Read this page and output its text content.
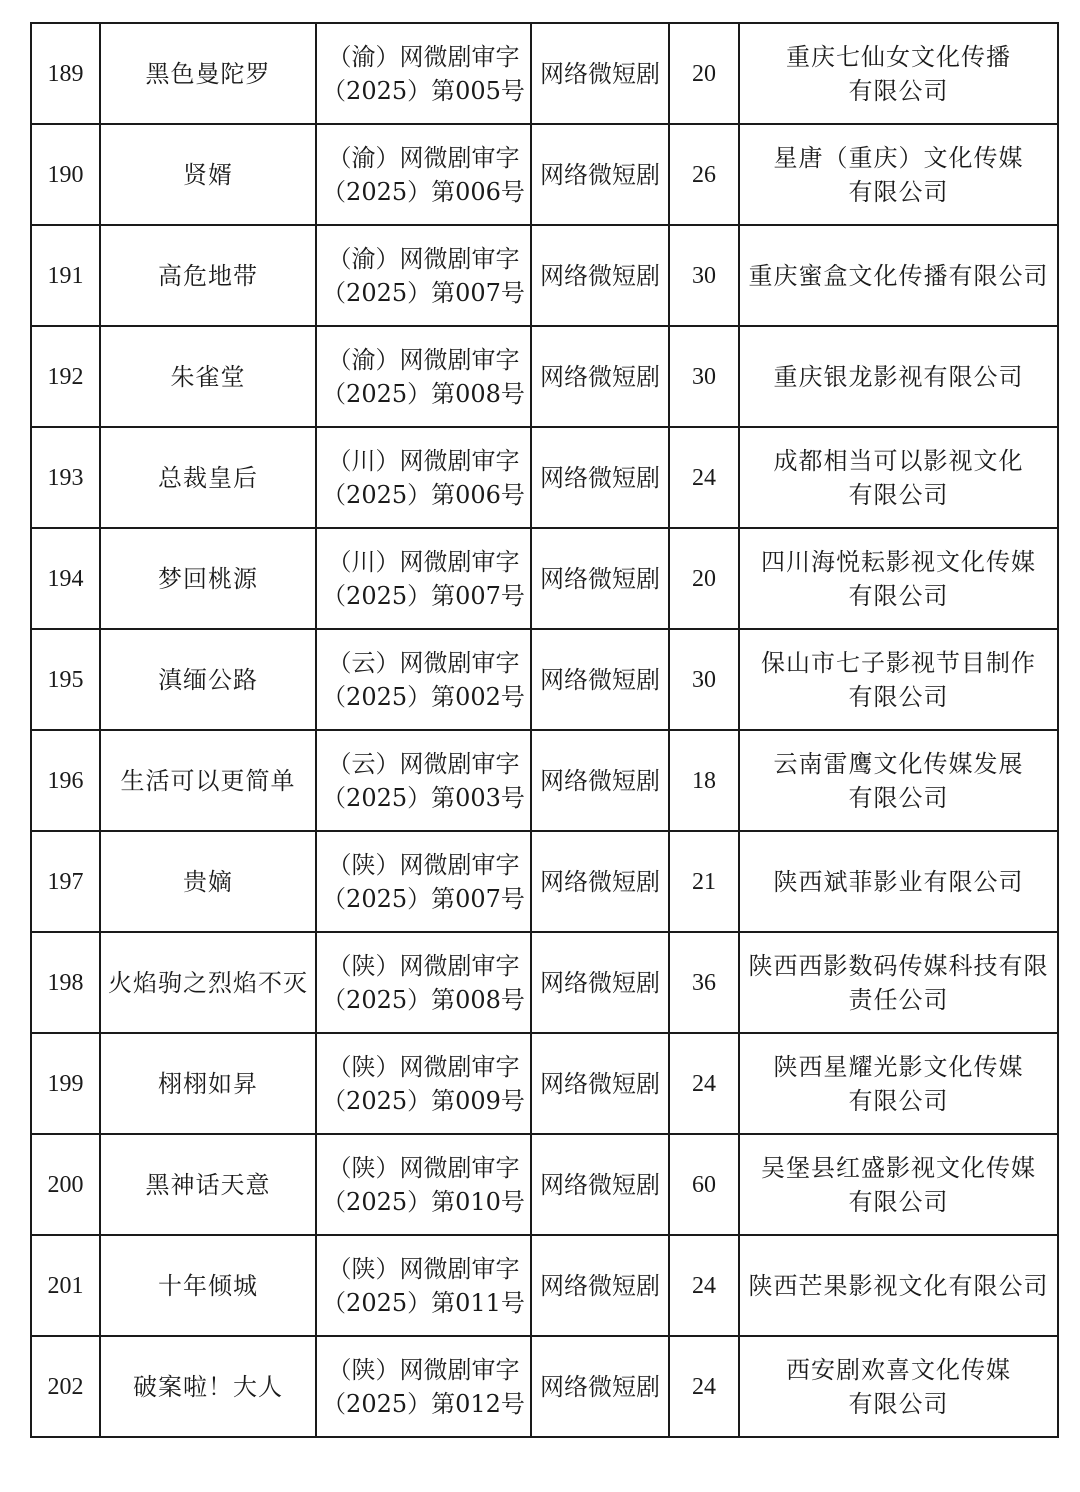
189	黑色曼陀罗	（渝）网微剧审字
（2025）第005号	网络微短剧	20	重庆七仙女文化传播
有限公司

190	贤婿	（渝）网微剧审字
（2025）第006号	网络微短剧	26	星唐（重庆）文化传媒
有限公司

191	高危地带	（渝）网微剧审字
（2025）第007号	网络微短剧	30	重庆蜜盒文化传播有限公司

192	朱雀堂	（渝）网微剧审字
（2025）第008号	网络微短剧	30	重庆银龙影视有限公司

193	总裁皇后	（川）网微剧审字
（2025）第006号	网络微短剧	24	成都相当可以影视文化
有限公司

194	梦回桃源	（川）网微剧审字
（2025）第007号	网络微短剧	20	四川海悦耘影视文化传媒
有限公司

195	滇缅公路	（云）网微剧审字
（2025）第002号	网络微短剧	30	保山市七子影视节目制作
有限公司

196	生活可以更简单	（云）网微剧审字
（2025）第003号	网络微短剧	18	云南雷鹰文化传媒发展
有限公司

197	贵嫡	（陕）网微剧审字
（2025）第007号	网络微短剧	21	陕西斌菲影业有限公司

198	火焰驹之烈焰不灭	（陕）网微剧审字
（2025）第008号	网络微短剧	36	陕西西影数码传媒科技有限
责任公司

199	栩栩如昇	（陕）网微剧审字
（2025）第009号	网络微短剧	24	陕西星耀光影文化传媒
有限公司

200	黑神话天意	（陕）网微剧审字
（2025）第010号	网络微短剧	60	吴堡县红盛影视文化传媒
有限公司

201	十年倾城	（陕）网微剧审字
（2025）第011号	网络微短剧	24	陕西芒果影视文化有限公司

202	破案啦！大人	（陕）网微剧审字
（2025）第012号	网络微短剧	24	西安剧欢喜文化传媒
有限公司
